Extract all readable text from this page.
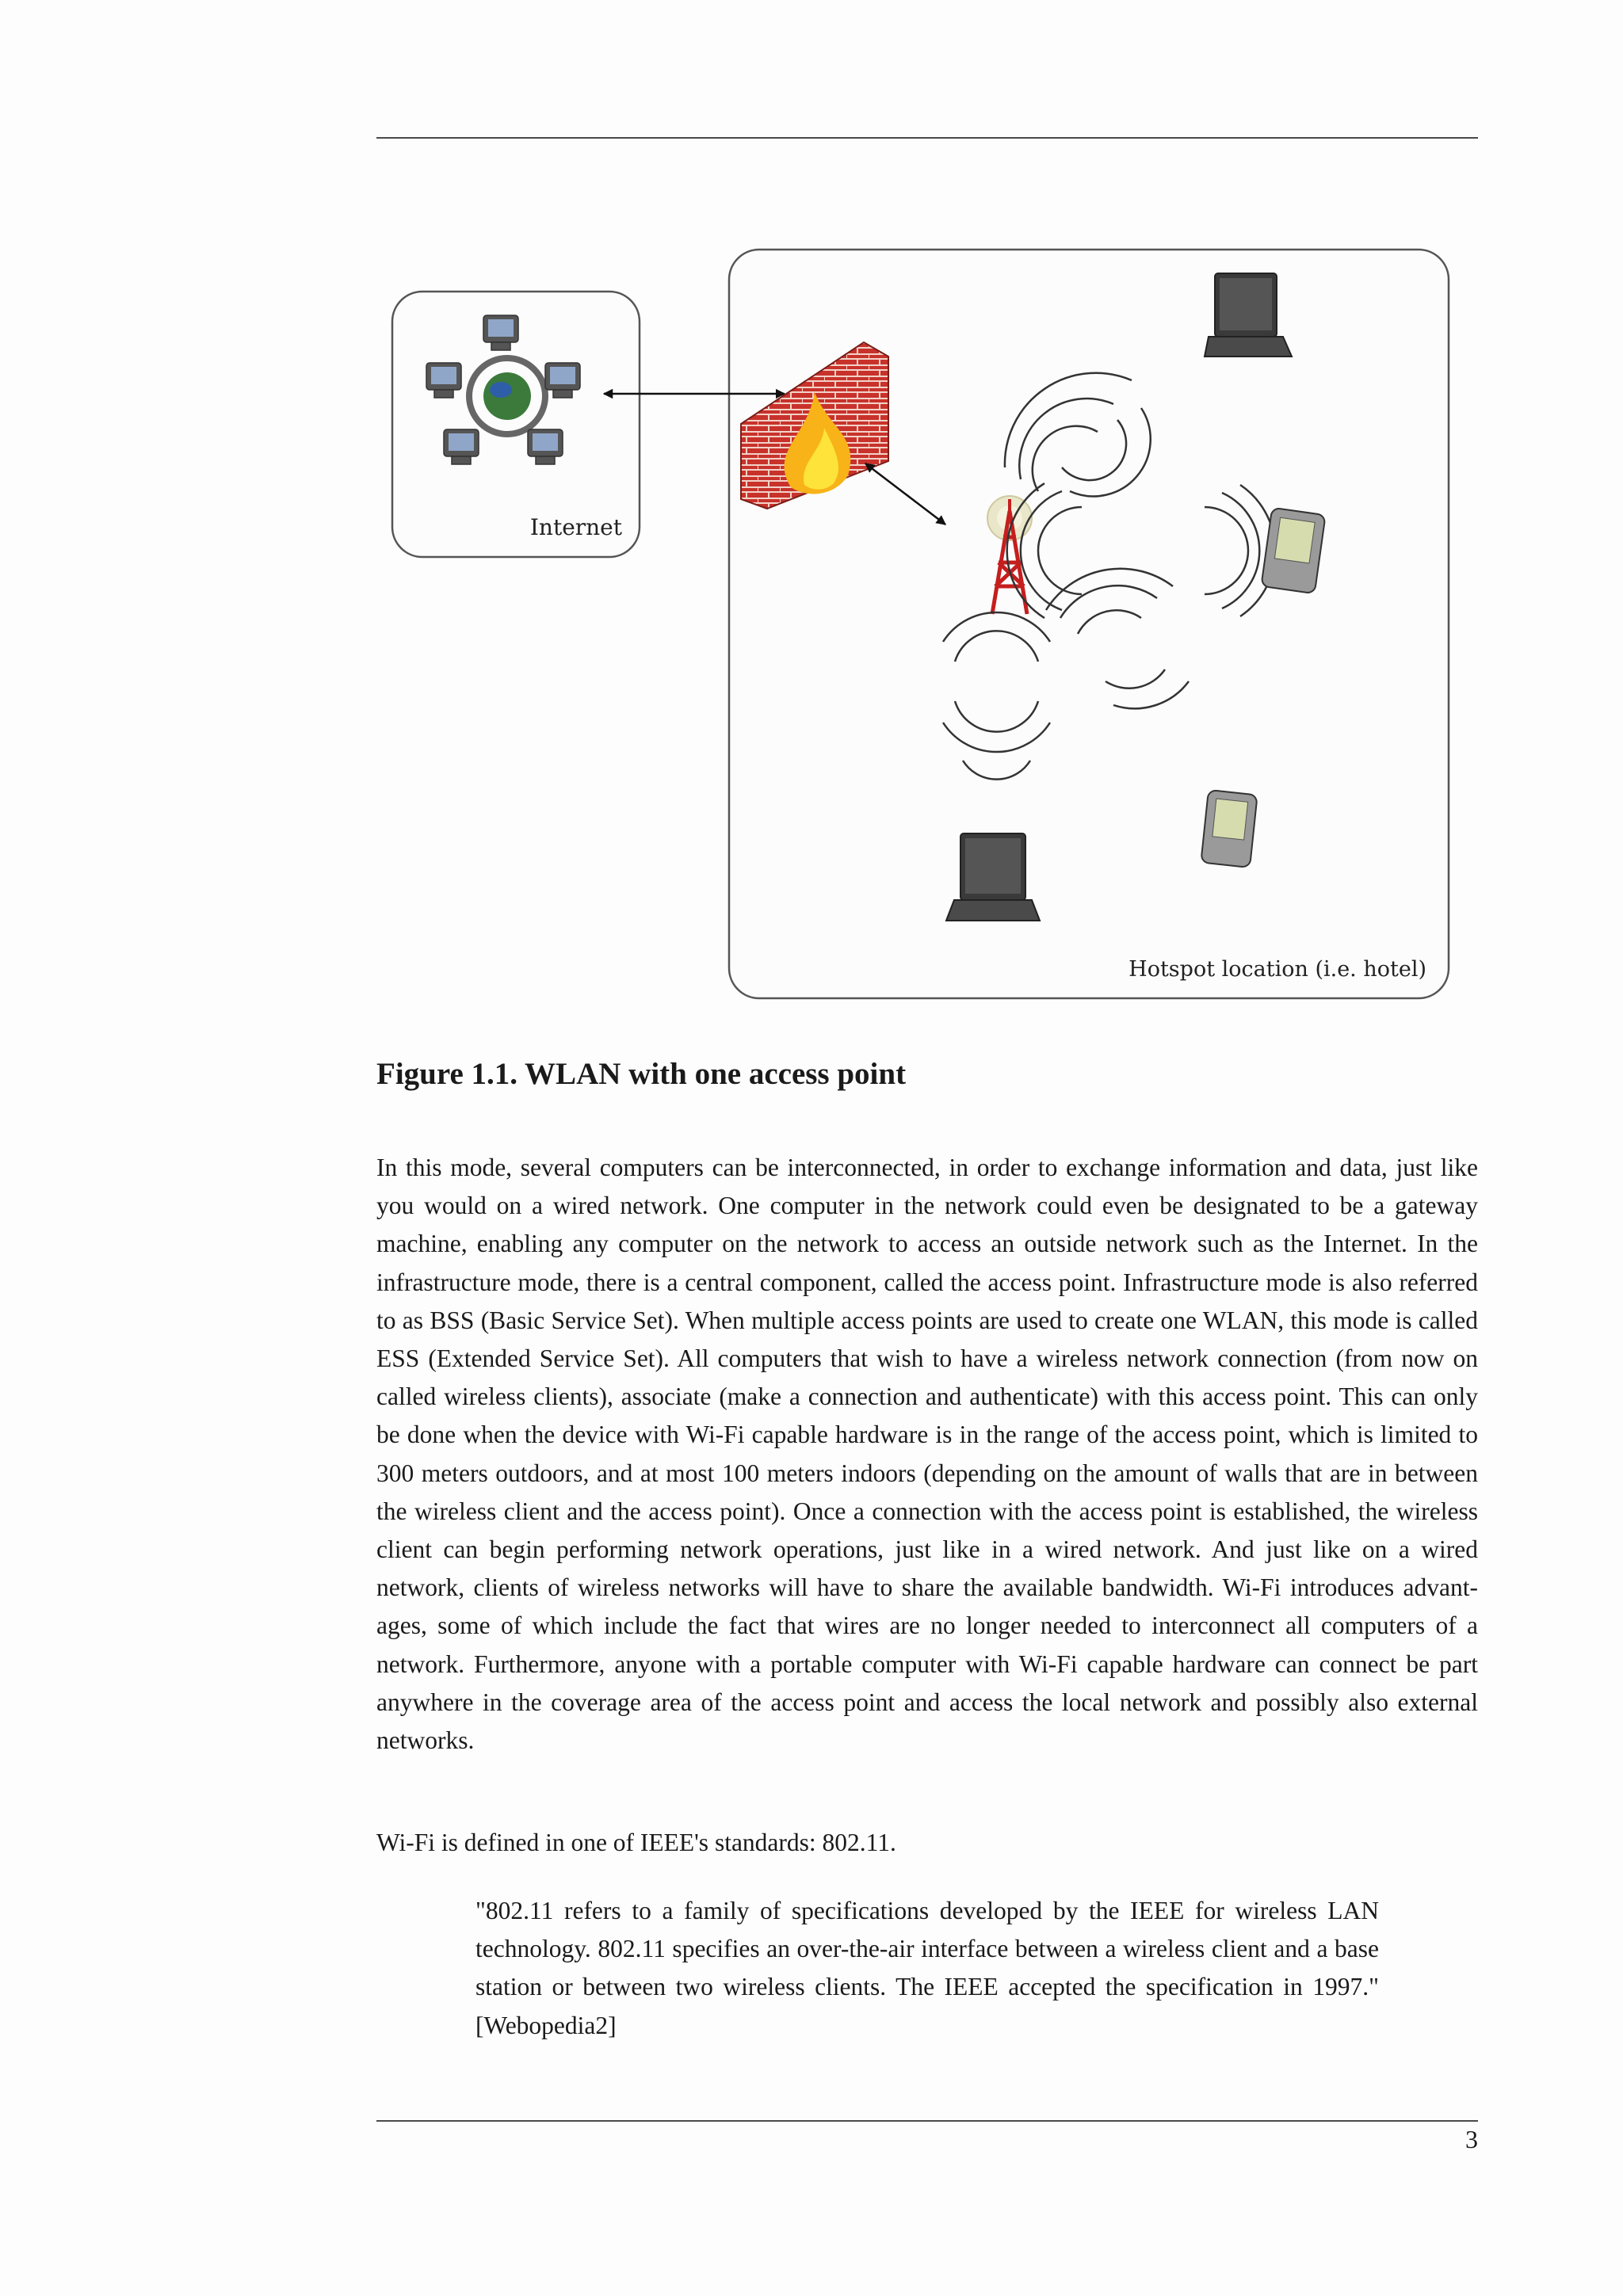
Internet
Hotspot location (i.e. hotel)
Figure 1.1. WLAN with one access point

In this mode, several computers can be interconnected, in order to exchange information and data, just like you would on a wired network. One computer in the network could even be designated to be a gateway machine, enabling any computer on the network to access an outside network such as the Internet. In the infrastructure mode, there is a central component, called the access point. Infrastructure mode is also referred to as BSS (Basic Service Set). When multiple access points are used to create one WLAN, this mode is called ESS (Extended Service Set). All computers that wish to have a wireless network connection (from now on called wireless clients), associate (make a connection and authenticate) with this access point. This can only be done when the device with Wi-Fi capable hardware is in the range of the access point, which is limited to 300 meters outdoors, and at most 100 meters indoors (depending on the amount of walls that are in between the wireless client and the access point). Once a connection with the access point is established, the wireless client can begin performing network operations, just like in a wired network. And just like on a wired network, clients of wireless networks will have to share the available bandwidth. Wi-Fi introduces advantages, some of which include the fact that wires are no longer needed to interconnect all computers of a network. Furthermore, anyone with a portable computer with Wi-Fi capable hardware can connect be part anywhere in the coverage area of the access point and access the local network and possibly also external networks.

Wi-Fi is defined in one of IEEE's standards: 802.11.

"802.11 refers to a family of specifications developed by the IEEE for wireless LAN technology. 802.11 specifies an over-the-air interface between a wireless client and a base station or between two wireless clients. The IEEE accepted the specification in 1997." [Webopedia2]
3
